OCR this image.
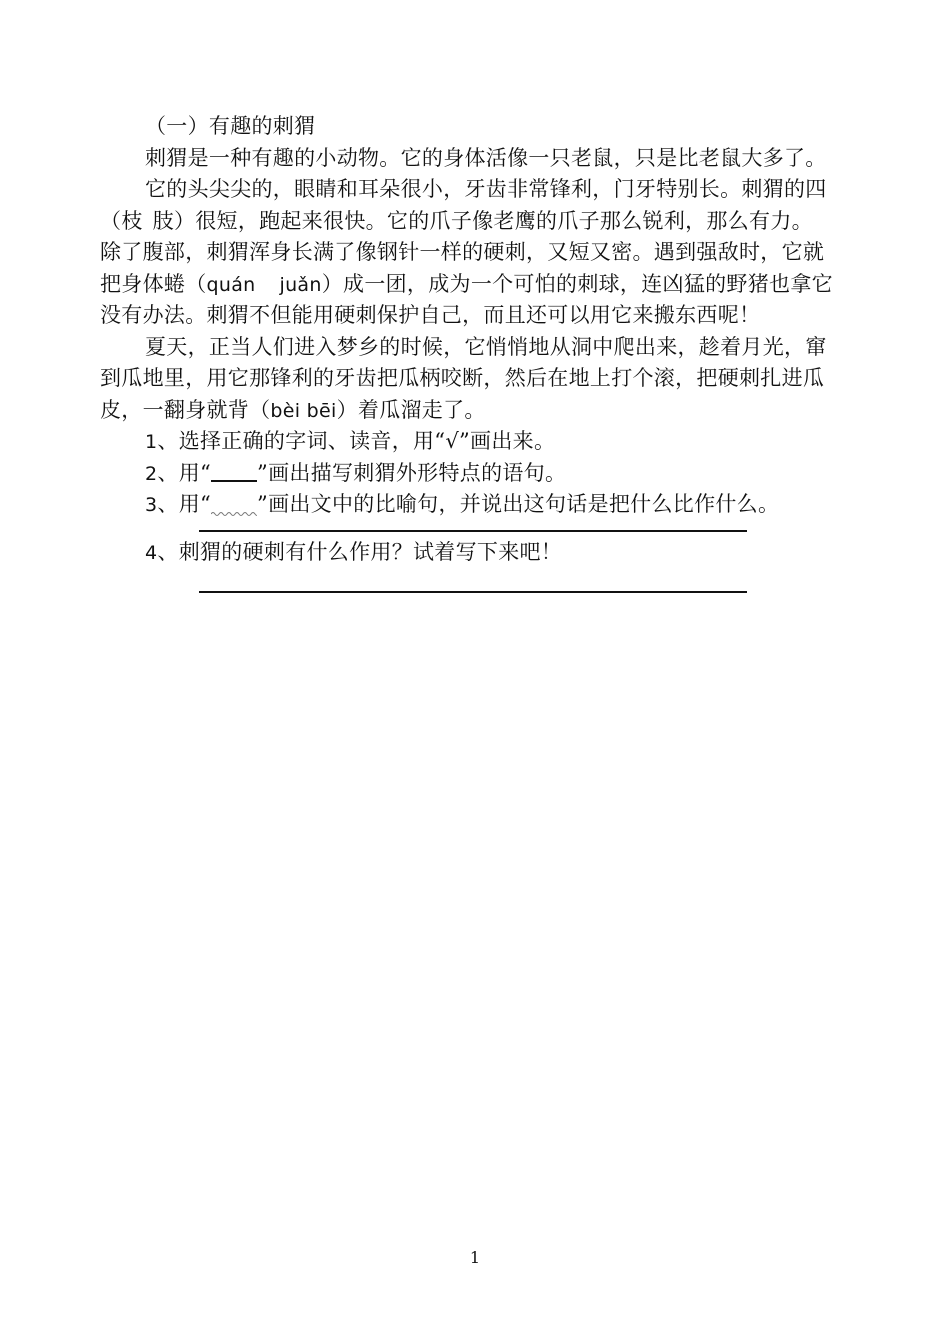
（一）有趣的刺猬
刺猬是一种有趣的小动物。它的身体活像一只老鼠，只是比老鼠大多了。
它的头尖尖的，眼睛和耳朵很小，牙齿非常锋利，门牙特别长。刺猬的四
（枝 肢）很短，跑起来很快。它的爪子像老鹰的爪子那么锐利，那么有力。
除了腹部，刺猬浑身长满了像钢针一样的硬刺，又短又密。遇到强敌时，它就
把身体蜷（quán juǎn）成一团，成为一个可怕的刺球，连凶猛的野猪也拿它
没有办法。刺猬不但能用硬刺保护自己，而且还可以用它来搬东西呢！
夏天，正当人们进入梦乡的时候，它悄悄地从洞中爬出来，趁着月光，窜
到瓜地里，用它那锋利的牙齿把瓜柄咬断，然后在地上打个滚，把硬刺扎进瓜
皮，一翻身就背（bèi bēi）着瓜溜走了。
1、选择正确的字词、读音，用“√”画出来。
2、用“ ”画出描写刺猬外形特点的语句。
3、用“ ”画出文中的比喻句，并说出这句话是把什么比作什么。
4、刺猬的硬刺有什么作用？试着写下来吧！
1
